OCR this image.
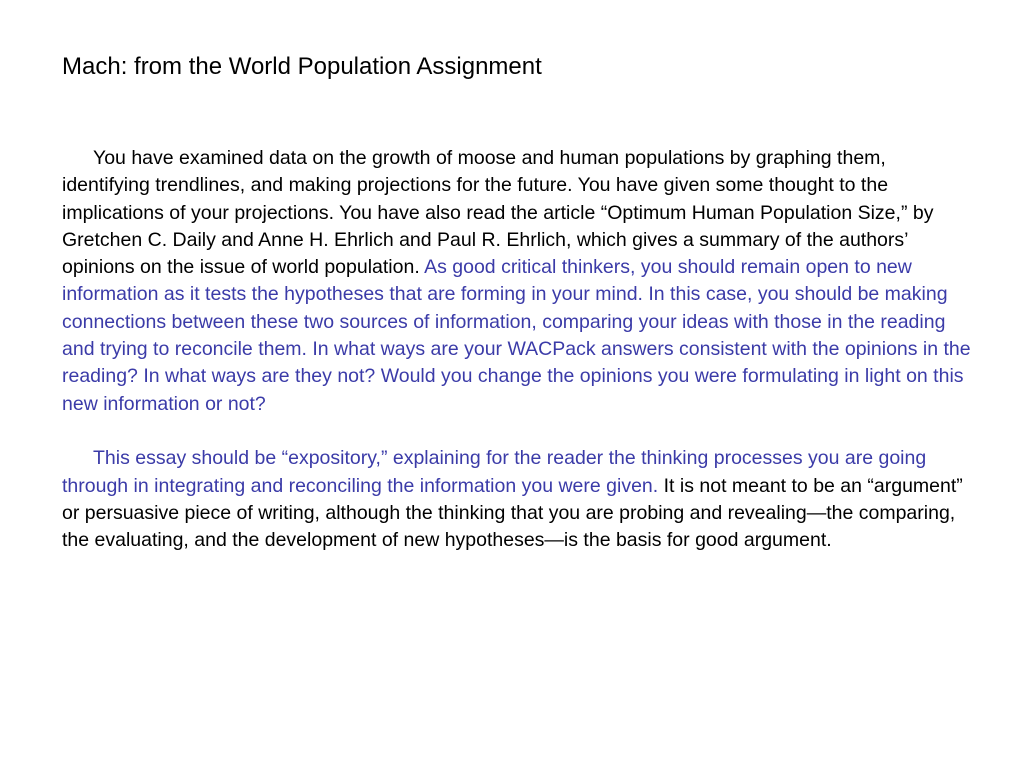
Mach: from the World Population Assignment

You have examined data on the growth of moose and human populations by graphing them, identifying trendlines, and making projections for the future. You have given some thought to the implications of your projections. You have also read the article “Optimum Human Population Size,” by Gretchen C. Daily and Anne H. Ehrlich and Paul R. Ehrlich, which gives a summary of the authors’ opinions on the issue of world population. As good critical thinkers, you should remain open to new information as it tests the hypotheses that are forming in your mind. In this case, you should be making connections between these two sources of information, comparing your ideas with those in the reading and trying to reconcile them. In what ways are your WACPack answers consistent with the opinions in the reading? In what ways are they not? Would you change the opinions you were formulating in light on this new information or not?

This essay should be “expository,” explaining for the reader the thinking processes you are going through in integrating and reconciling the information you were given. It is not meant to be an “argument” or persuasive piece of writing, although the thinking that you are probing and revealing—the comparing, the evaluating, and the development of new hypotheses—is the basis for good argument.
